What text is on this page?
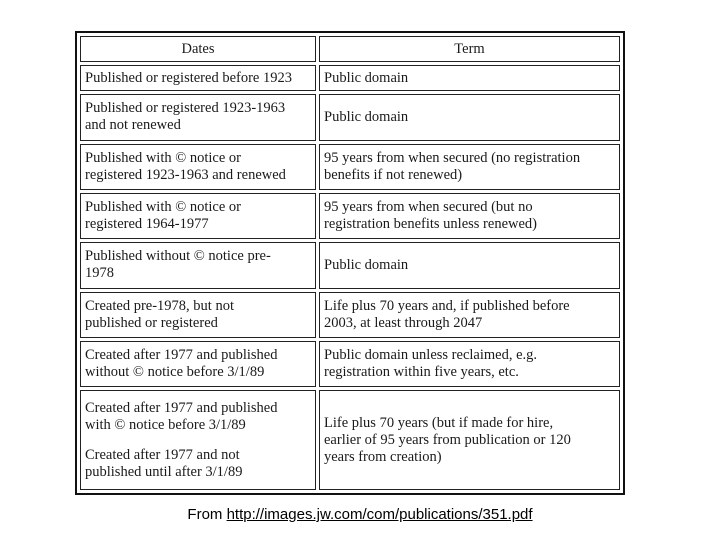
Dates	Term

Published or registered before 1923	Public domain

Published or registered 1923-1963
and not renewed	Public domain

Published with © notice or
registered 1923-1963 and renewed	95 years from when secured (no registration
benefits if not renewed)

Published with © notice or
registered 1964-1977	95 years from when secured (but no
registration benefits unless renewed)

Published without © notice pre-
1978	Public domain

Created pre-1978, but not
published or registered	Life plus 70 years and, if published before
2003, at least through 2047

Created after 1977 and published
without © notice before 3/1/89	Public domain unless reclaimed, e.g.
registration within five years, etc.

Created after 1977 and published
with © notice before 3/1/89
Created after 1977 and not
published until after 3/1/89	Life plus 70 years (but if made for hire,
earlier of 95 years from publication or 120
years from creation)
From http://images.jw.com/com/publications/351.pdf
